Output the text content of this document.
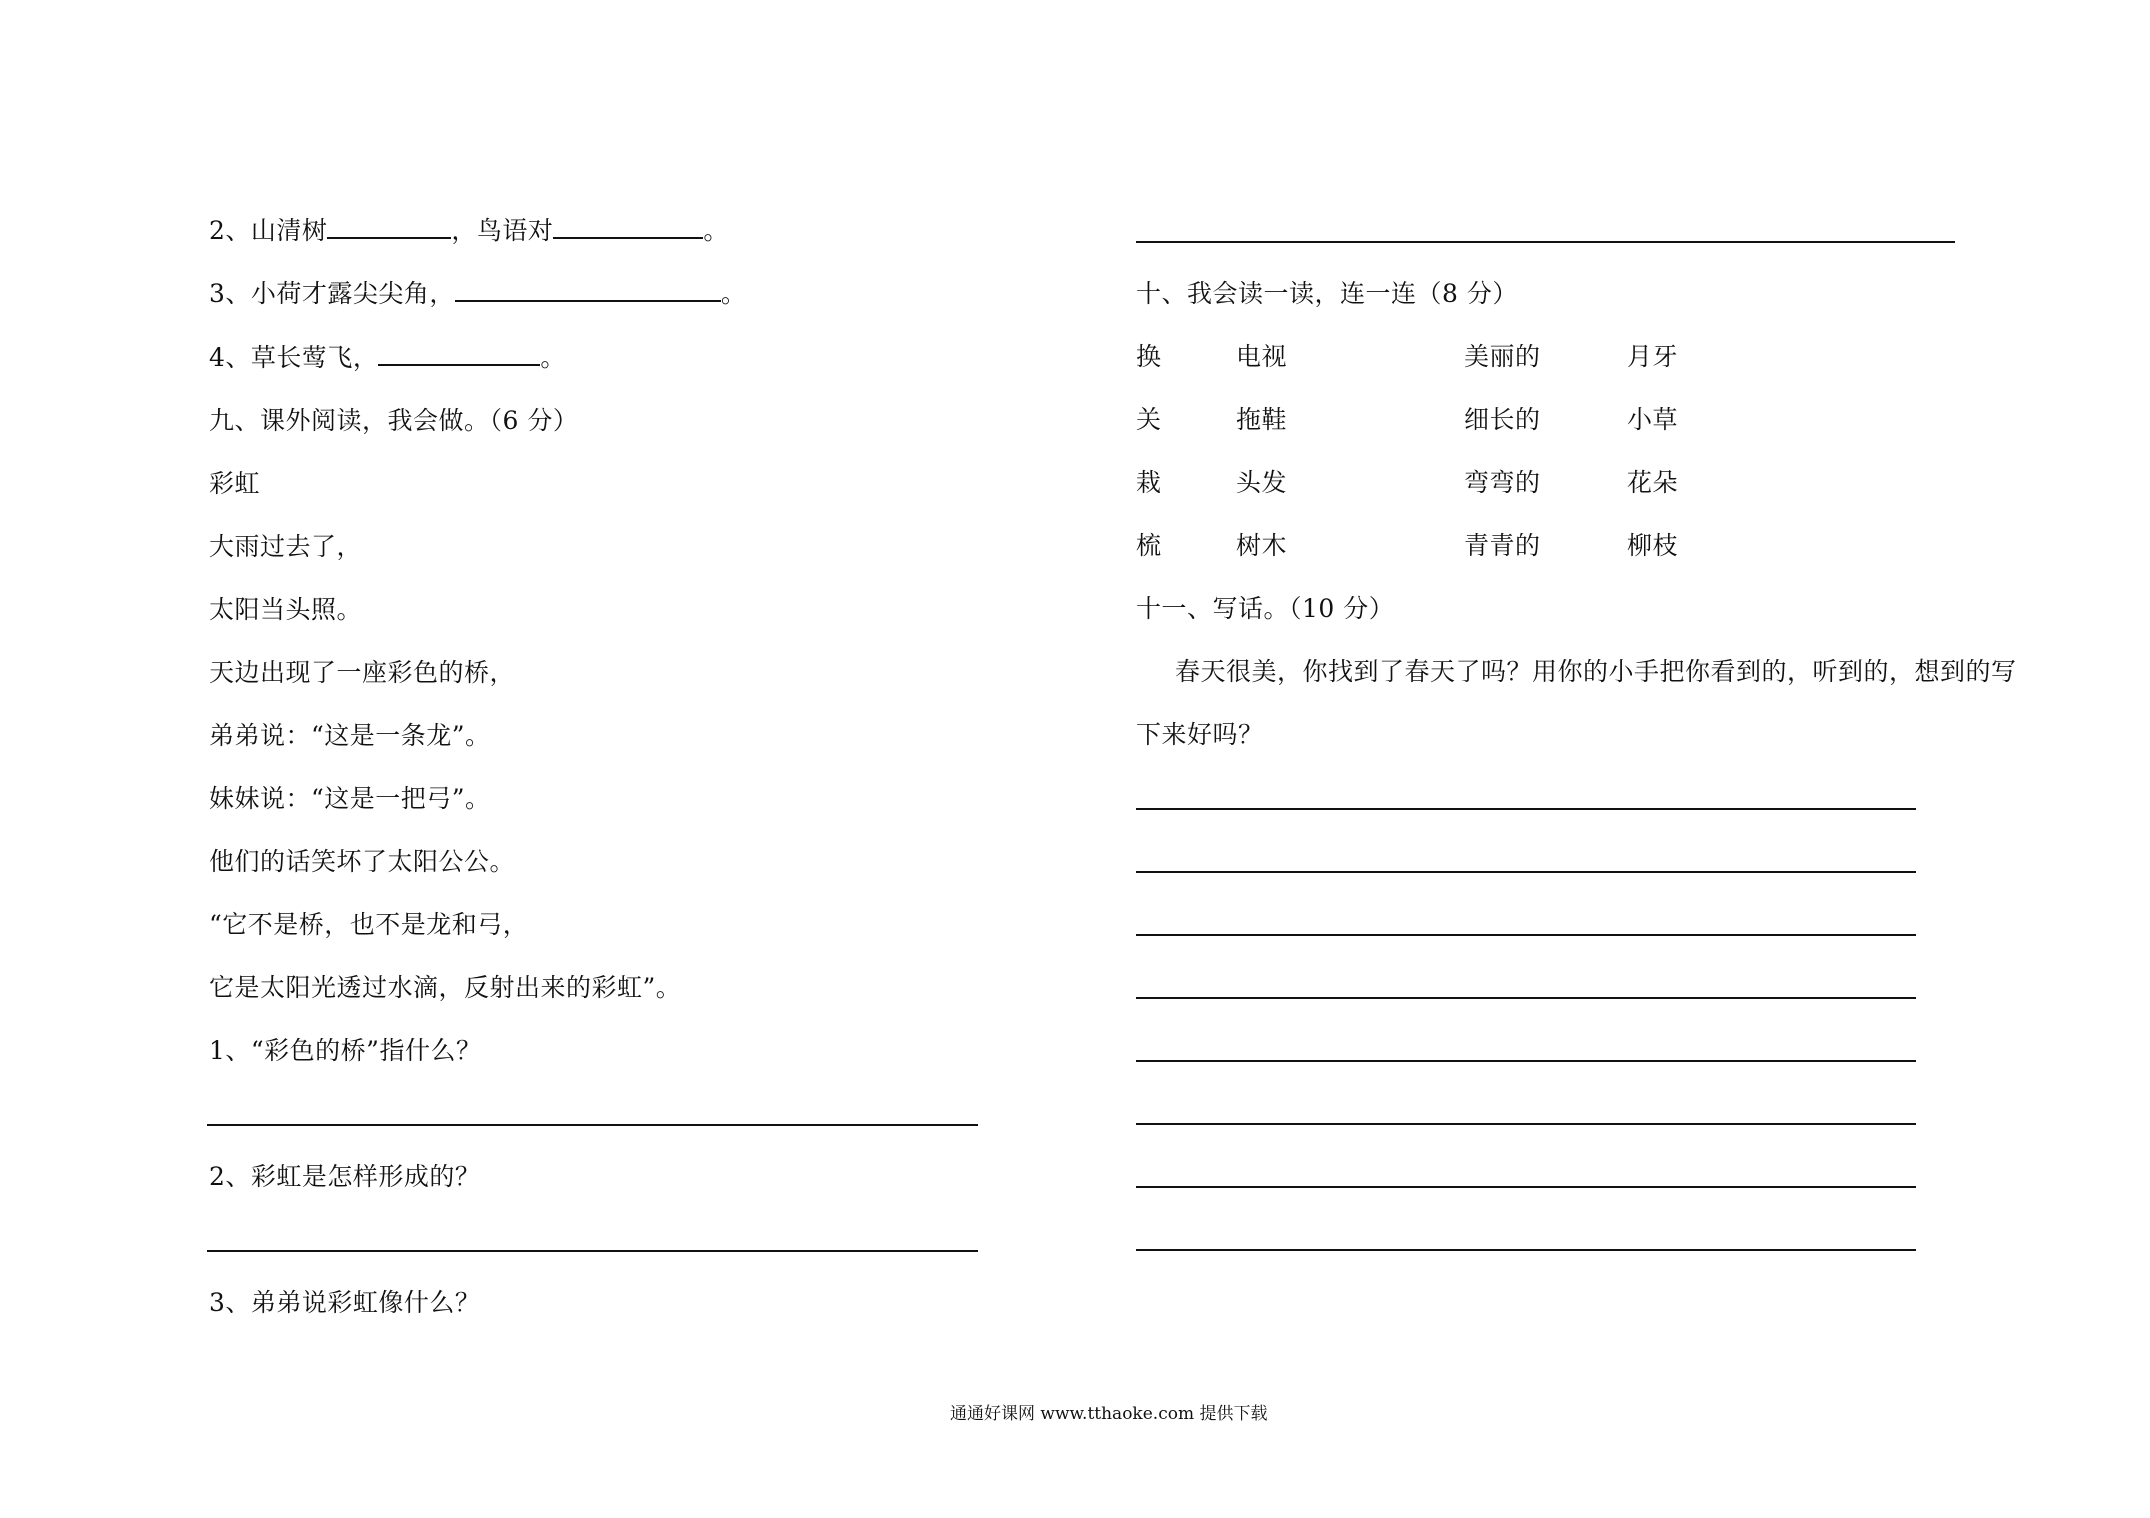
2、山清树	，鸟语对	。
3、小荷才露尖尖角，	。
4、草长莺飞，	。
九、课外阅读，我会做。（6 分）
彩虹
大雨过去了，
太阳当头照。
天边出现了一座彩色的桥，
弟弟说：“这是一条龙”。
妹妹说：“这是一把弓”。
他们的话笑坏了太阳公公。
“它不是桥，也不是龙和弓，
它是太阳光透过水滴，反射出来的彩虹”。
1、“彩色的桥”指什么？
2、彩虹是怎样形成的？
3、弟弟说彩虹像什么？
十、我会读一读，连一连（8 分）
换	电视	美丽的	月牙
关	拖鞋	细长的	小草
栽	头发	弯弯的	花朵
梳	树木	青青的	柳枝
十一、写话。（10 分）
春天很美，你找到了春天了吗？用你的小手把你看到的，听到的，想到的写
下来好吗？
通通好课网 www.tthaoke.com 提供下载
